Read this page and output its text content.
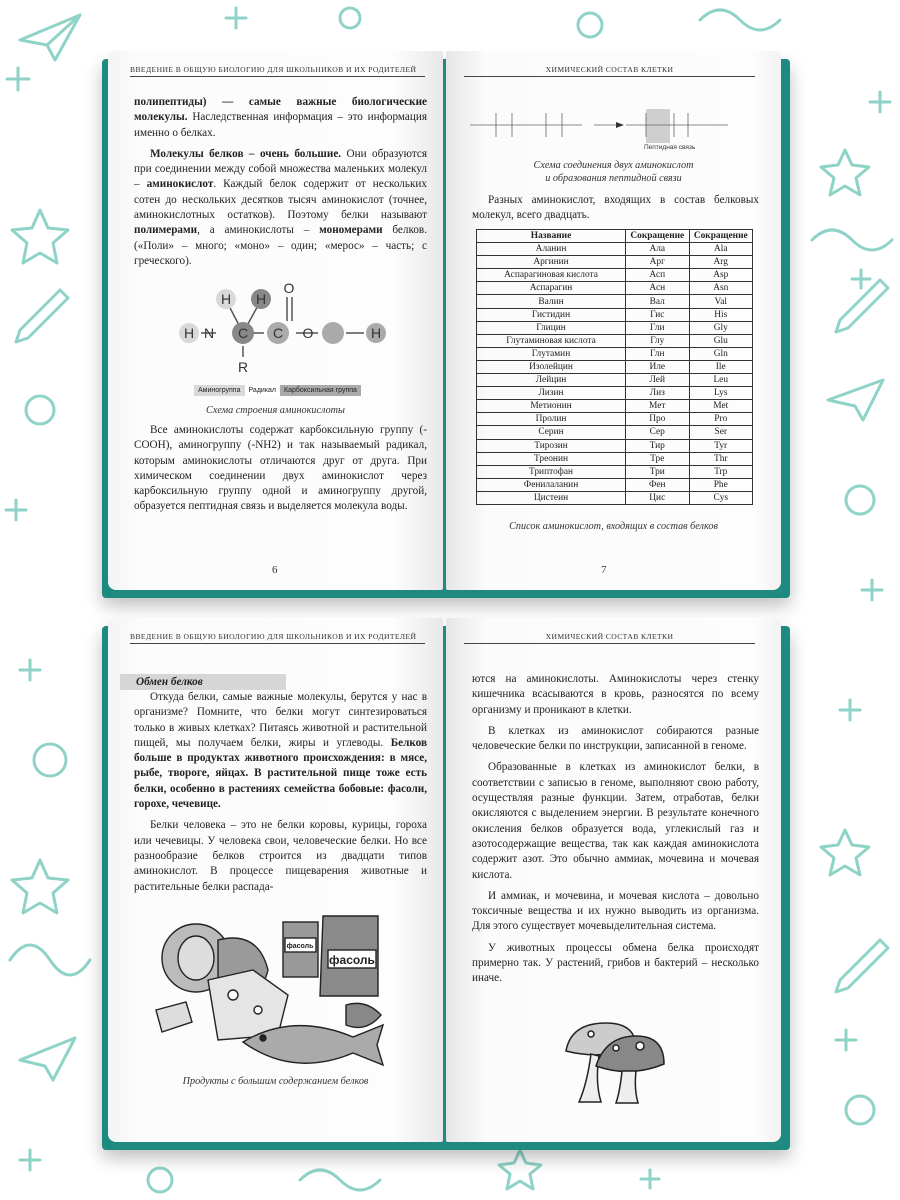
ВВЕДЕНИЕ В ОБЩУЮ БИОЛОГИЮ ДЛЯ ШКОЛЬНИКОВ И ИХ РОДИТЕЛЕЙ

полипептиды) — самые важные биологические молекулы. Наследственная информация – это информация именно о белках.

Молекулы белков – очень большие. Они образуются при соединении между собой множества маленьких молекул – аминокислот. Каждый белок содержит от нескольких сотен до нескольких десятков тысяч аминокислот (точнее, аминокислотных остатков). Поэтому белки называют полимерами, а аминокислоты – мономерами белков. («Поли» – много; «моно» – один; «мерос» – часть; с греческого).

H H
O
H N C C O	H
R
Аминогруппа	Радикал	Карбоксильная группа
Схема строения аминокислоты

Все аминокислоты содержат карбоксильную группу (-COOH), аминогруппу (-NH2) и так называемый радикал, которым аминокислоты отличаются друг от друга. При химическом соединении двух аминокислот через карбоксильную группу одной и аминогруппу другой, образуется пептидная связь и выделяется молекула воды.

6
ХИМИЧЕСКИЙ СОСТАВ КЛЕТКИ
Пептидная связь
Схема соединения двух аминокислот
и образования пептидной связи

Разных аминокислот, входящих в состав белковых молекул, всего двадцать.

Название	Сокращение	Сокращение
Аланин	Ала	Ala
Аргинин	Арг	Arg
Аспарагиновая кислота	Асп	Asp
Аспарагин	Асн	Asn
Валин	Вал	Val
Гистидин	Гис	His
Глицин	Гли	Gly
Глутаминовая кислота	Глу	Glu
Глутамин	Глн	Gln
Изолейцин	Иле	Ile
Лейцин	Лей	Leu
Лизин	Лиз	Lys
Метионин	Мет	Met
Пролин	Про	Pro
Серин	Сер	Ser
Тирозин	Тир	Tyr
Треонин	Тре	Thr
Триптофан	Три	Trp
Фенилаланин	Фен	Phe
Цистеин	Цис	Cys
Список аминокислот, входящих в состав белков
7
ВВЕДЕНИЕ В ОБЩУЮ БИОЛОГИЮ ДЛЯ ШКОЛЬНИКОВ И ИХ РОДИТЕЛЕЙ
Обмен белков

Откуда белки, самые важные молекулы, берутся у нас в организме? Помните, что белки могут синтезироваться только в живых клетках? Питаясь животной и растительной пищей, мы получаем белки, жиры и углеводы. Белков больше в продуктах животного происхождения: в мясе, рыбе, твороге, яйцах. В растительной пище тоже есть белки, особенно в растениях семейства бобовые: фасоли, горохе, чечевице.

Белки человека – это не белки коровы, курицы, гороха или чечевицы. У человека свои, человеческие белки. Но все разнообразие белков строится из двадцати типов аминокислот. В процессе пищеварения животные и растительные белки распада-

фасоль
фасоль
Продукты с большим содержанием белков
ХИМИЧЕСКИЙ СОСТАВ КЛЕТКИ

ются на аминокислоты. Аминокислоты через стенку кишечника всасываются в кровь, разносятся по всему организму и проникают в клетки.

В клетках из аминокислот собираются разные человеческие белки по инструкции, записанной в геноме.

Образованные в клетках из аминокислот белки, в соответствии с записью в геноме, выполняют свою работу, осуществляя разные функции. Затем, отработав, белки окисляются с выделением энергии. В результате конечного окисления белков образуется вода, углекислый газ и азотосодержащие вещества, так как каждая аминокислота содержит азот. Это обычно аммиак, мочевина и мочевая кислота.

И аммиак, и мочевина, и мочевая кислота – довольно токсичные вещества и их нужно выводить из организма. Для этого существует мочевыделительная система.

У животных процессы обмена белка происходят примерно так. У растений, грибов и бактерий – несколько иначе.
